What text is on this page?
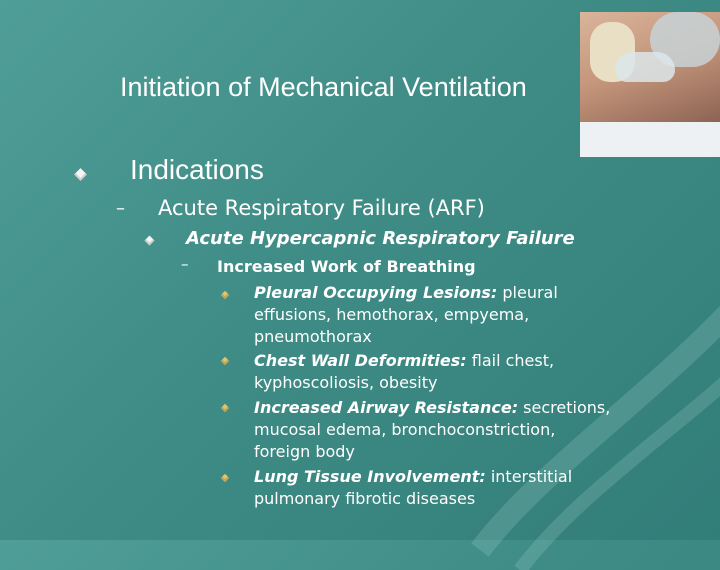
Initiation of Mechanical Ventilation
Indications
– Acute Respiratory Failure (ARF)
Acute Hypercapnic Respiratory Failure
– Increased Work of Breathing
Pleural Occupying Lesions: pleural
effusions, hemothorax, empyema,
pneumothorax
Chest Wall Deformities: flail chest,
kyphoscoliosis, obesity
Increased Airway Resistance: secretions,
mucosal edema, bronchoconstriction,
foreign body
Lung Tissue Involvement: interstitial
pulmonary fibrotic diseases
